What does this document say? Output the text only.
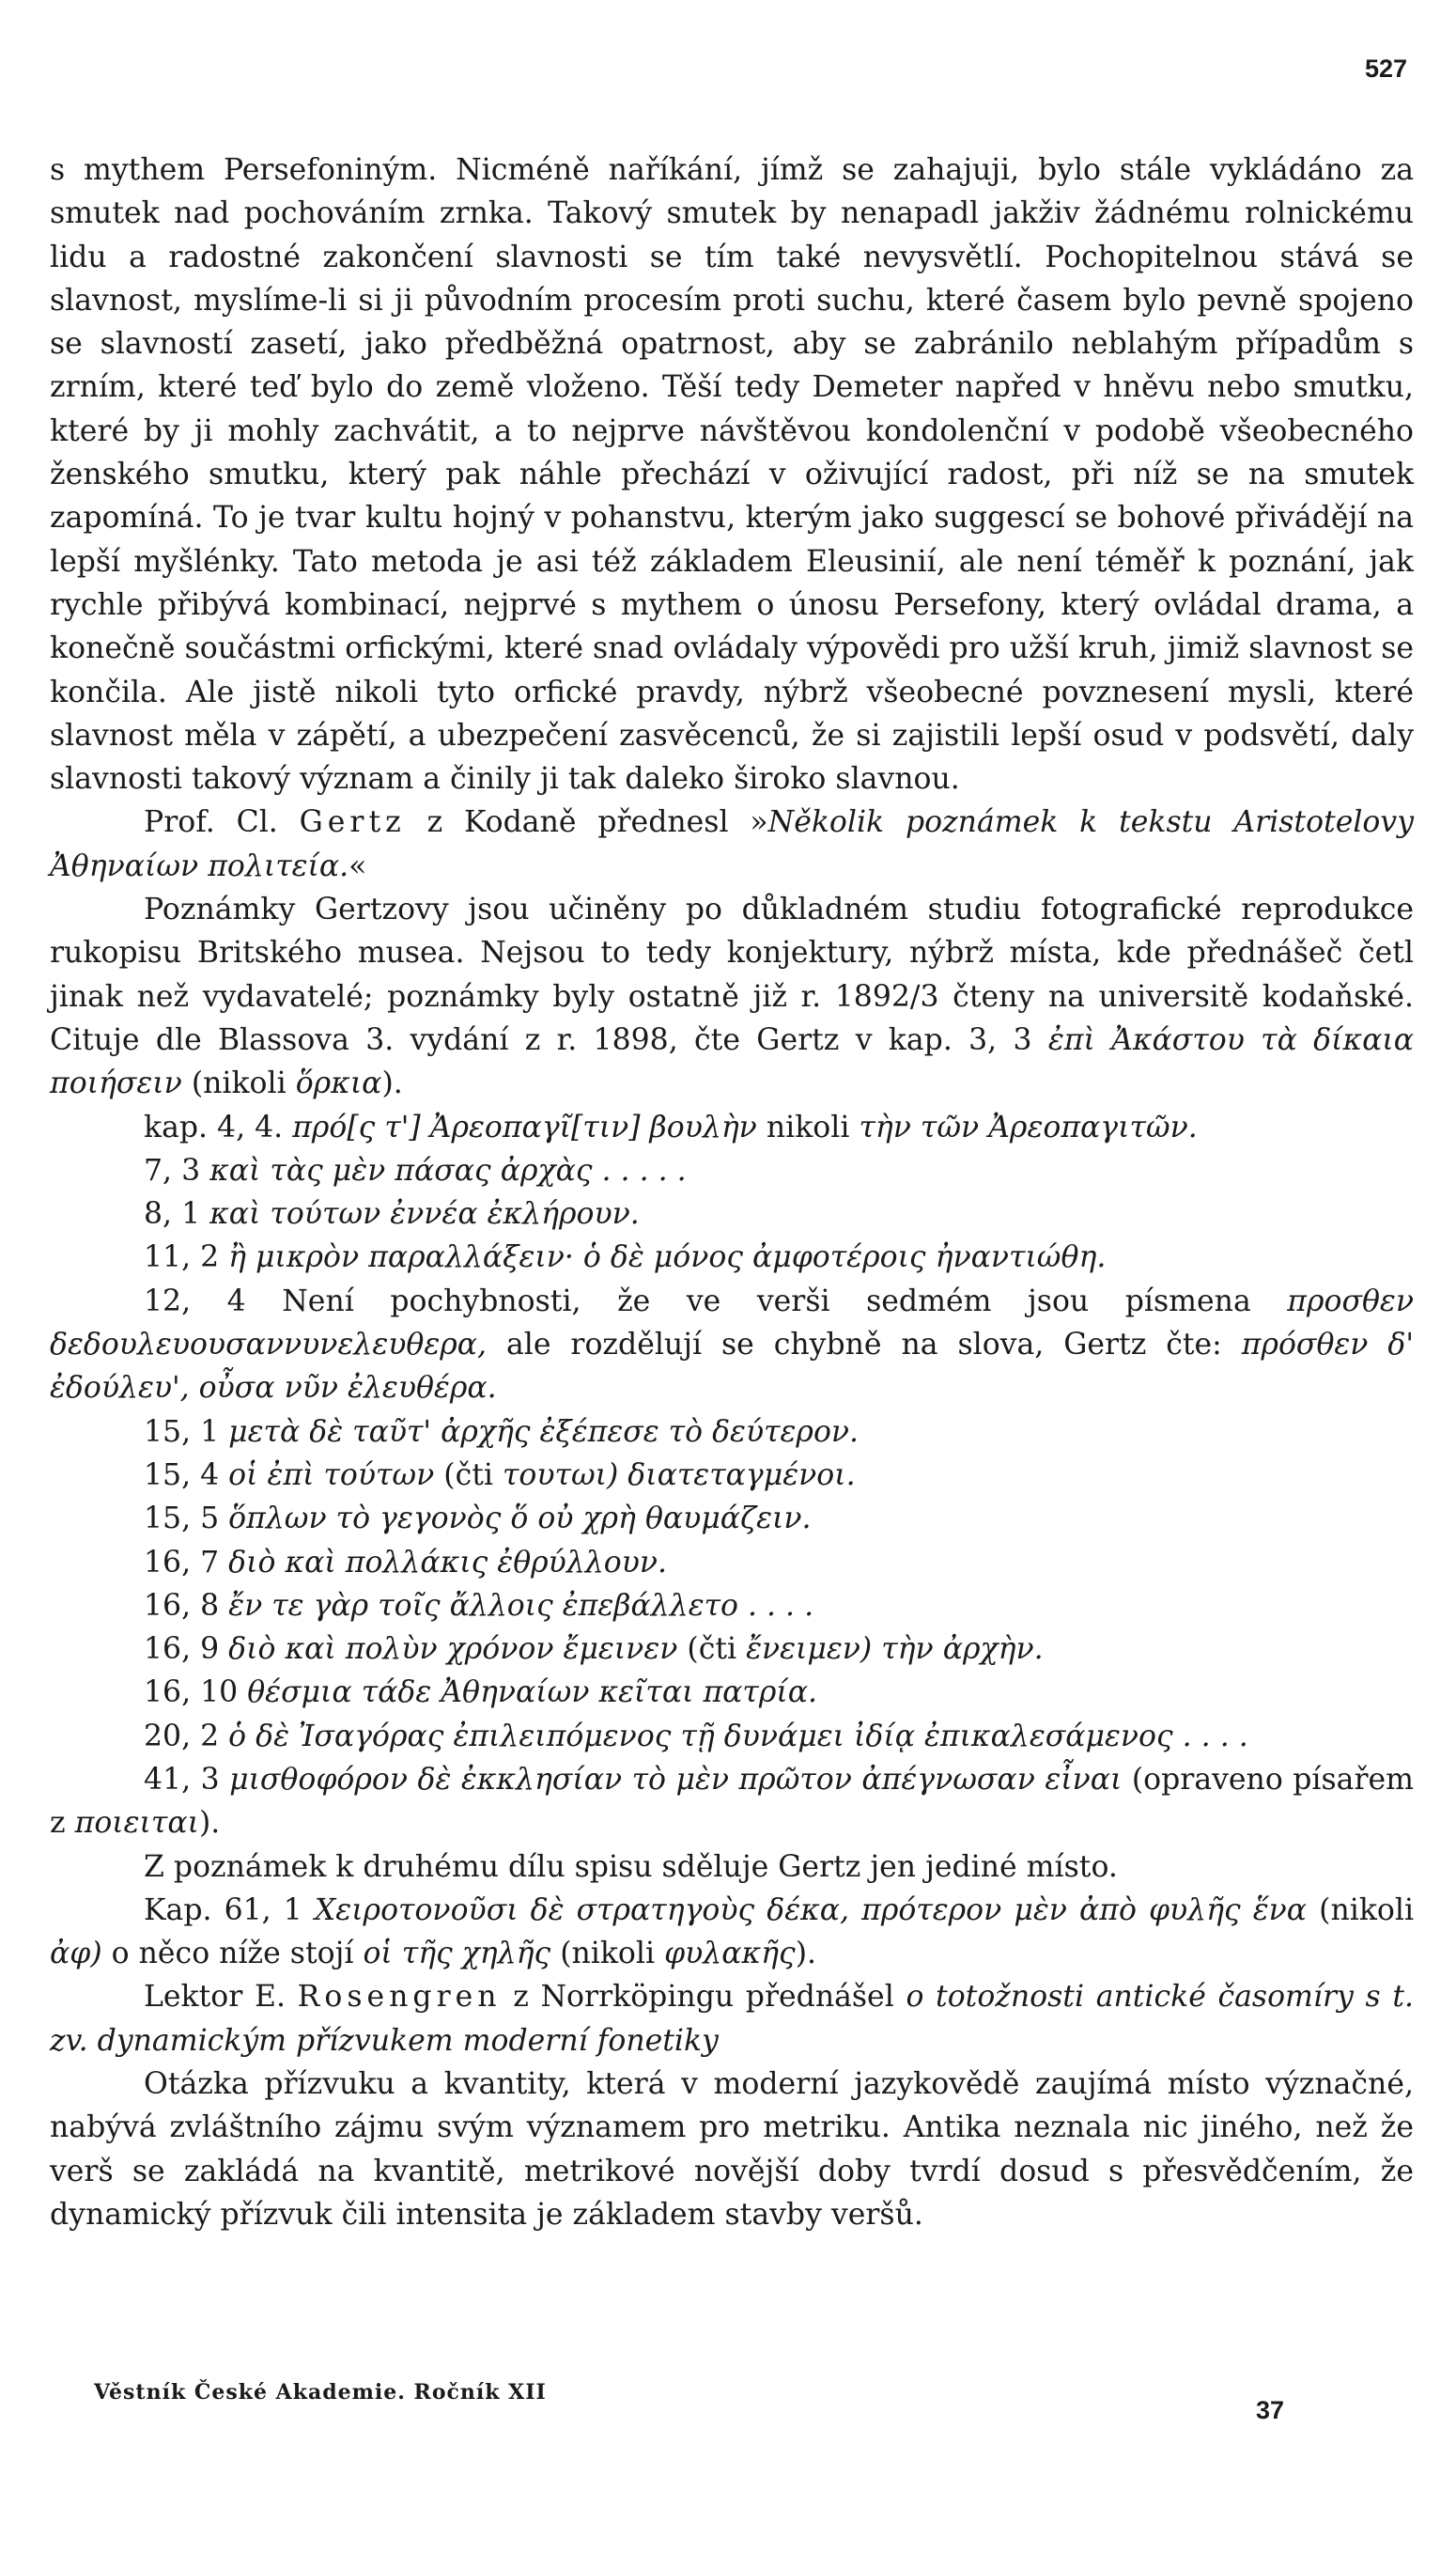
527

s mythem Persefoniným. Nicméně naříkání, jímž se zahajuji, bylo stále vykládáno za smutek nad pochováním zrnka. Takový smutek by nenapadl jakživ žádnému rolnickému lidu a radostné zakončení slavnosti se tím také nevysvětlí. Pochopitelnou stává se slavnost, myslíme-li si ji původním procesím proti suchu, které časem bylo pevně spojeno se slavností zasetí, jako předběžná opatrnost, aby se zabránilo neblahým případům s zrním, které teď bylo do země vloženo. Těší tedy Demeter napřed v hněvu nebo smutku, které by ji mohly zachvátit, a to nejprve návštěvou kondolenční v podobě všeobecného ženského smutku, který pak náhle přechází v oživující radost, při níž se na smutek zapomíná. To je tvar kultu hojný v pohanstvu, kterým jako suggescí se bohové přivádějí na lepší myšlénky. Tato metoda je asi též základem Eleusinií, ale není téměř k poznání, jak rychle přibývá kombinací, nejprvé s mythem o únosu Persefony, který ovládal drama, a konečně součástmi orfickými, které snad ovládaly výpovědi pro užší kruh, jimiž slavnost se končila. Ale jistě nikoli tyto orfické pravdy, nýbrž všeobecné povznesení mysli, které slavnost měla v zápětí, a ubezpečení zasvěcenců, že si zajistili lepší osud v podsvětí, daly slavnosti takový význam a činily ji tak daleko široko slavnou.

Prof. Cl. Gertz z Kodaně přednesl »Několik poznámek k tekstu Aristotelovy Ἀθηναίων πολιτεία.«

Poznámky Gertzovy jsou učiněny po důkladném studiu fotografické reprodukce rukopisu Britského musea. Nejsou to tedy konjektury, nýbrž místa, kde přednášeč četl jinak než vydavatelé; poznámky byly ostatně již r. 1892/3 čteny na universitě kodaňské. Cituje dle Blassova 3. vydání z r. 1898, čte Gertz v kap. 3, 3 ἐπὶ Ἀκάστου τὰ δίκαια ποιήσειν (nikoli ὅρκια).

kap. 4, 4. πρό[ς τ'] Ἀρεοπαγῖ[τιν] βουλὴν nikoli τὴν τῶν Ἀρεοπαγιτῶν.
7, 3 καὶ τὰς μὲν πάσας ἀρχὰς . . . . .
8, 1 καὶ τούτων ἐννέα ἐκλήρουν.
11, 2 ἢ μικρὸν παραλλάξειν· ὁ δὲ μόνος ἀμφοτέροις ἠναντιώθη.

12, 4 Není pochybnosti, že ve verši sedmém jsou písmena προσθεν δεδουλευουσαννυνελευθερα, ale rozdělují se chybně na slova, Gertz čte: πρόσθεν δ' ἐδούλευ', οὖσα νῦν ἐλευθέρα.

15, 1 μετὰ δὲ ταῦτ' ἀρχῆς ἐξέπεσε τὸ δεύτερον.
15, 4 οἱ ἐπὶ τούτων (čti τουτωι) διατεταγμένοι.
15, 5 ὅπλων τὸ γεγονὸς ὅ οὐ χρὴ θαυμάζειν.
16, 7 διὸ καὶ πολλάκις ἐθρύλλουν.
16, 8 ἔν τε γὰρ τοῖς ἄλλοις ἐπεβάλλετο . . . .
16, 9 διὸ καὶ πολὺν χρόνον ἔμεινεν (čti ἔνειμεν) τὴν ἀρχὴν.
16, 10 θέσμια τάδε Ἀθηναίων κεῖται πατρία.
20, 2 ὁ δὲ Ἰσαγόρας ἐπιλειπόμενος τῇ δυνάμει ἰδίᾳ ἐπικαλεσάμενος . . . .

41, 3 μισθοφόρον δὲ ἐκκλησίαν τὸ μὲν πρῶτον ἀπέγνωσαν εἶναι (opraveno písařem z ποιειται).

Z poznámek k druhému dílu spisu sděluje Gertz jen jediné místo.

Kap. 61, 1 Χειροτονοῦσι δὲ στρατηγοὺς δέκα, πρότερον μὲν ἀπὸ φυλῆς ἕνα (nikoli ἀφ) o něco níže stojí οἱ τῆς χηλῆς (nikoli φυλακῆς).

Lektor E. Rosengren z Norrköpingu přednášel o totožnosti antické časomíry s t. zv. dynamickým přízvukem moderní fonetiky

Otázka přízvuku a kvantity, která v moderní jazykovědě zaujímá místo význačné, nabývá zvláštního zájmu svým významem pro metriku. Antika neznala nic jiného, než že verš se zakládá na kvantitě, metrikové novější doby tvrdí dosud s přesvědčením, že dynamický přízvuk čili intensita je základem stavby veršů.

Věstník České Akademie. Ročník XII
37
